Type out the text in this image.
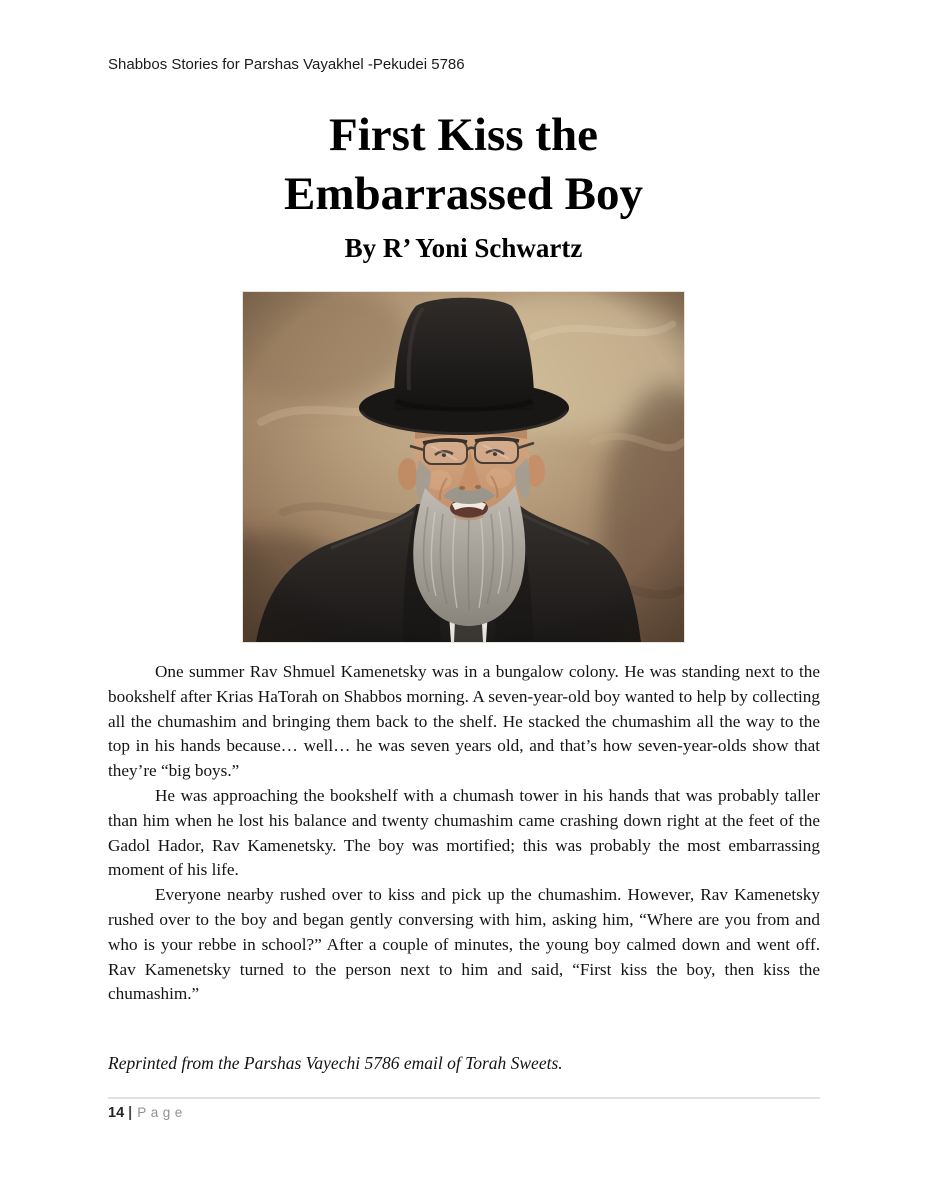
Shabbos Stories for Parshas Vayakhel -Pekudei 5786
First Kiss the
Embarrassed Boy
By R’ Yoni Schwartz

One summer Rav Shmuel Kamenetsky was in a bungalow colony. He was standing next to the bookshelf after Krias HaTorah on Shabbos morning. A seven-year-old boy wanted to help by collecting all the chumashim and bringing them back to the shelf. He stacked the chumashim all the way to the top in his hands because… well… he was seven years old, and that’s how seven-year-olds show that they’re “big boys.”

He was approaching the bookshelf with a chumash tower in his hands that was probably taller than him when he lost his balance and twenty chumashim came crashing down right at the feet of the Gadol Hador, Rav Kamenetsky. The boy was mortified; this was probably the most embarrassing moment of his life.

Everyone nearby rushed over to kiss and pick up the chumashim. However, Rav Kamenetsky rushed over to the boy and began gently conversing with him, asking him, “Where are you from and who is your rebbe in school?” After a couple of minutes, the young boy calmed down and went off. Rav Kamenetsky turned to the person next to him and said, “First kiss the boy, then kiss the chumashim.”

Reprinted from the Parshas Vayechi 5786 email of Torah Sweets.

14 | Page
